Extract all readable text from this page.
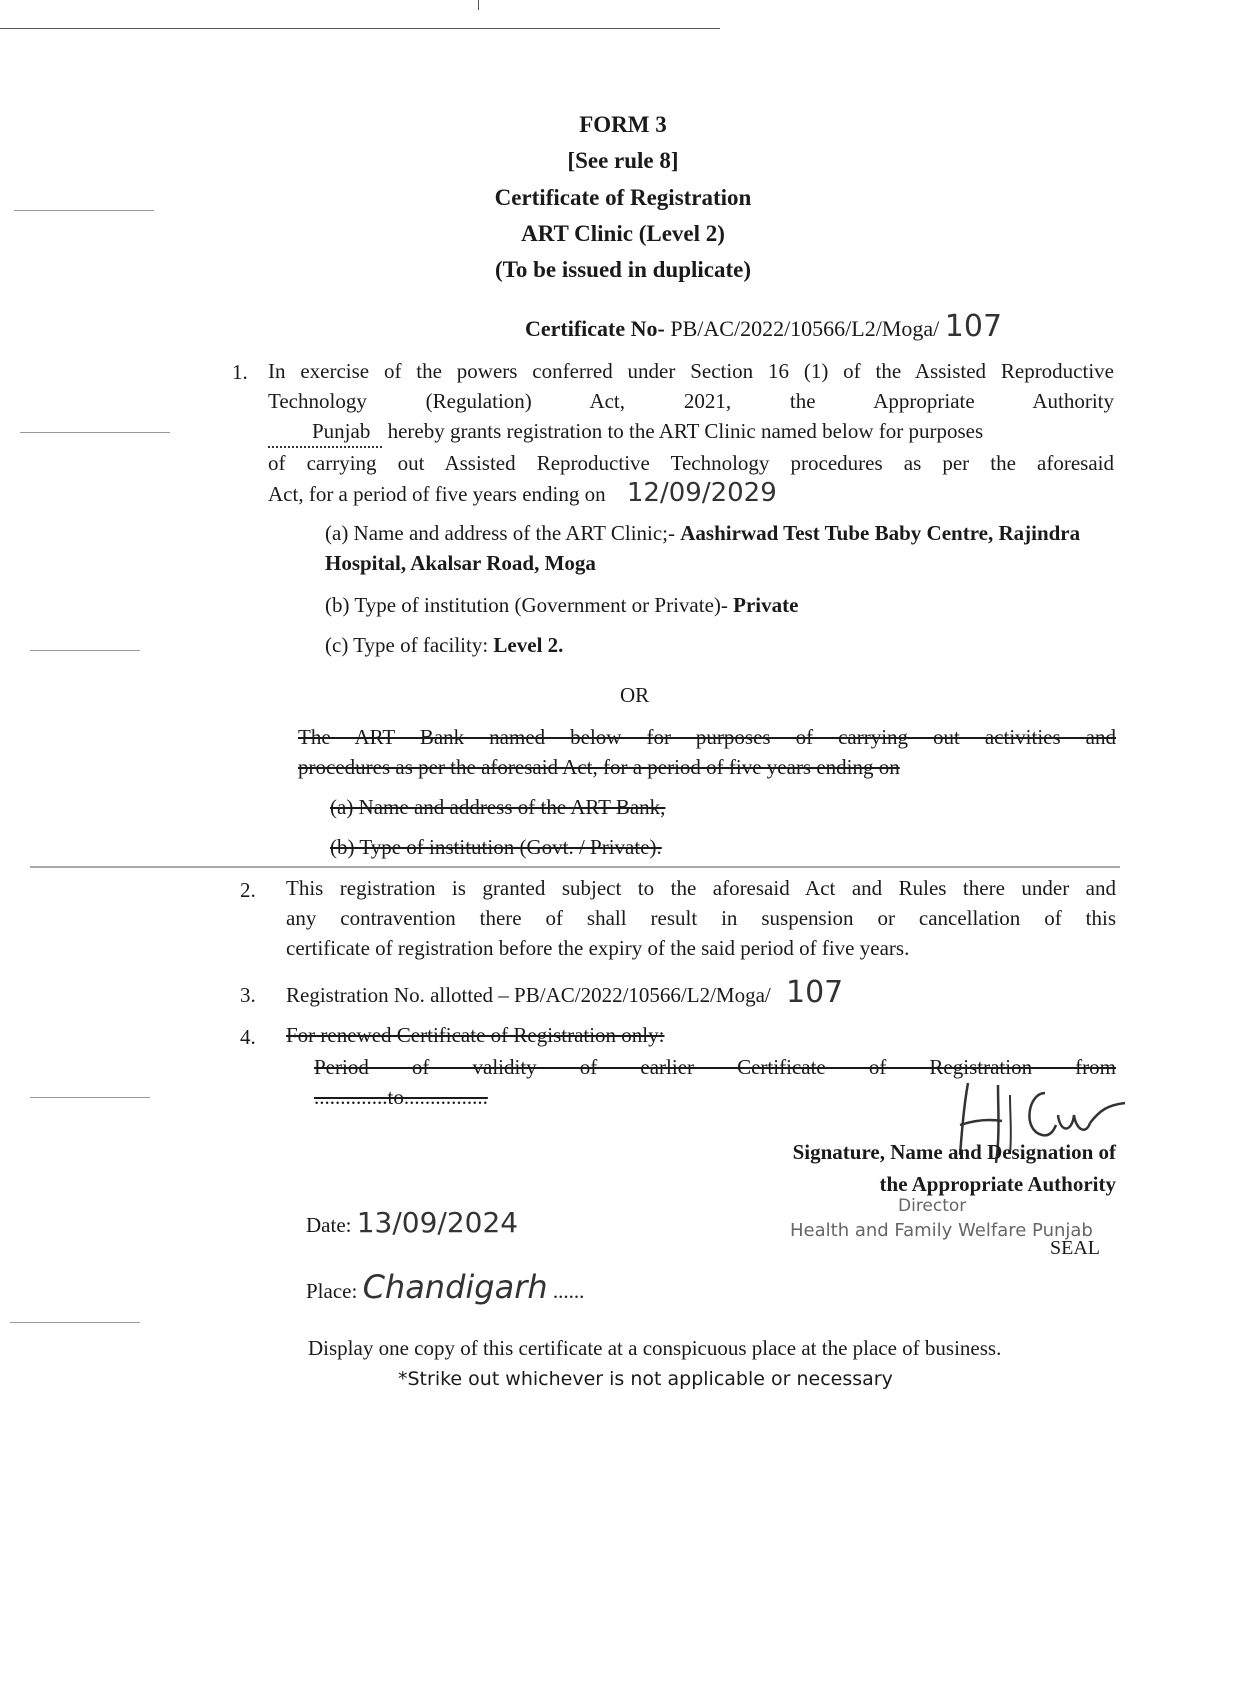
FORM 3
[See rule 8]
Certificate of Registration
ART Clinic (Level 2)
(To be issued in duplicate)
Certificate No- PB/AC/2022/10566/L2/Moga/ 107
1. In exercise of the powers conferred under Section 16 (1) of the Assisted Reproductive
Technology (Regulation) Act, 2021, the Appropriate Authority
Punjab hereby grants registration to the ART Clinic named below for purposes
of carrying out Assisted Reproductive Technology procedures as per the aforesaid
Act, for a period of five years ending on 12/09/2029
(a) Name and address of the ART Clinic;- Aashirwad Test Tube Baby Centre, Rajindra Hospital, Akalsar Road, Moga
(b) Type of institution (Government or Private)- Private
(c) Type of facility: Level 2.
OR
The ART Bank named below for purposes of carrying out activities and
procedures as per the aforesaid Act, for a period of five years ending on
(a) Name and address of the ART Bank,
(b) Type of institution (Govt. / Private).
2. This registration is granted subject to the aforesaid Act and Rules there under and
any contravention there of shall result in suspension or cancellation of this
certificate of registration before the expiry of the said period of five years.
3. Registration No. allotted – PB/AC/2022/10566/L2/Moga/ 107
4. For renewed Certificate of Registration only:
Period of validity of earlier Certificate of Registration from
..............to................
Signature, Name and Designation of
the Appropriate Authority
Director
Health and Family Welfare Punjab
SEAL
Date: 13/09/2024
Place: Chandigarh ......
Display one copy of this certificate at a conspicuous place at the place of business.
*Strike out whichever is not applicable or necessary
